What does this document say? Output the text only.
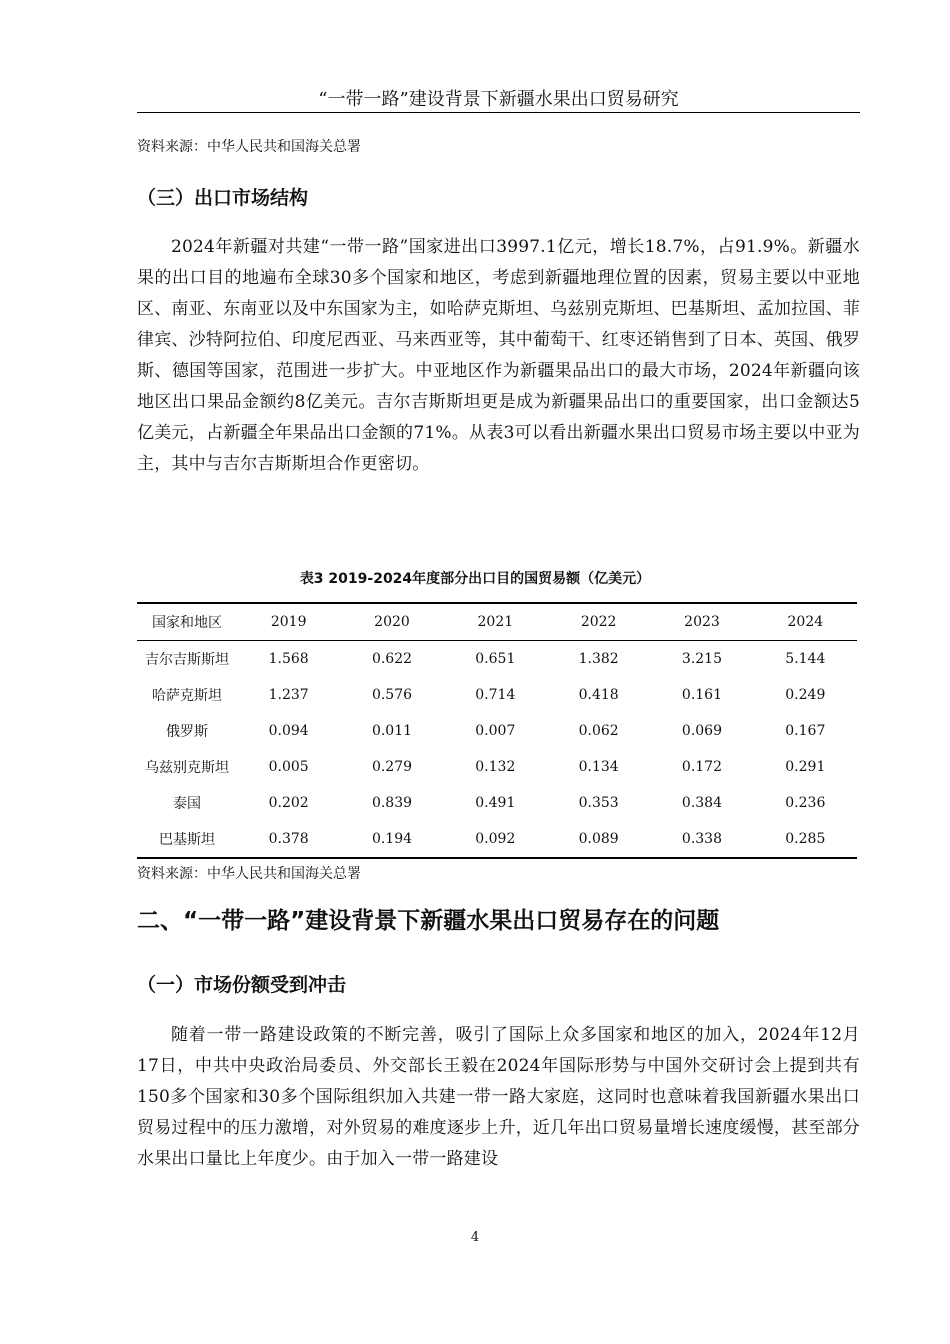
“一带一路”建设背景下新疆水果出口贸易研究
资料来源：中华人民共和国海关总署
（三）出口市场结构

2024年新疆对共建“一带一路”国家进出口3997.1亿元，增长18.7%，占91.9%。新疆水果的出口目的地遍布全球30多个国家和地区，考虑到新疆地理位置的因素，贸易主要以中亚地区、南亚、东南亚以及中东国家为主，如哈萨克斯坦、乌兹别克斯坦、巴基斯坦、孟加拉国、菲律宾、沙特阿拉伯、印度尼西亚、马来西亚等，其中葡萄干、红枣还销售到了日本、英国、俄罗斯、德国等国家，范围进一步扩大。中亚地区作为新疆果品出口的最大市场，2024年新疆向该地区出口果品金额约8亿美元。吉尔吉斯斯坦更是成为新疆果品出口的重要国家，出口金额达5亿美元，占新疆全年果品出口金额的71%。从表3可以看出新疆水果出口贸易市场主要以中亚为主，其中与吉尔吉斯斯坦合作更密切。

表3 2019-2024年度部分出口目的国贸易额（亿美元）
国家和地区	2019	2020	2021	2022	2023	2024
吉尔吉斯斯坦	1.568	0.622	0.651	1.382	3.215	5.144
哈萨克斯坦	1.237	0.576	0.714	0.418	0.161	0.249
俄罗斯	0.094	0.011	0.007	0.062	0.069	0.167
乌兹别克斯坦	0.005	0.279	0.132	0.134	0.172	0.291
泰国	0.202	0.839	0.491	0.353	0.384	0.236
巴基斯坦	0.378	0.194	0.092	0.089	0.338	0.285
资料来源：中华人民共和国海关总署
二、“一带一路”建设背景下新疆水果出口贸易存在的问题
（一）市场份额受到冲击

随着一带一路建设政策的不断完善，吸引了国际上众多国家和地区的加入，2024年12月17日，中共中央政治局委员、外交部长王毅在2024年国际形势与中国外交研讨会上提到共有150多个国家和30多个国际组织加入共建一带一路大家庭，这同时也意味着我国新疆水果出口贸易过程中的压力激增，对外贸易的难度逐步上升，近几年出口贸易量增长速度缓慢，甚至部分水果出口量比上年度少。由于加入一带一路建设

4
